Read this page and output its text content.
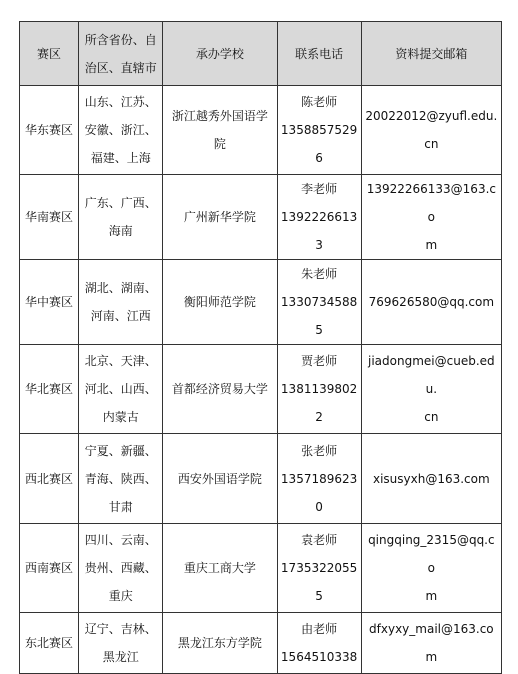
赛区	所含省份、自
治区、直辖市	承办学校	联系电话	资料提交邮箱
华东赛区	山东、江苏、
安徽、浙江、
福建、上海	浙江越秀外国语学院	陈老师
13588575296	20022012@zyufl.edu.cn

华南赛区	广东、广西、
海南	广州新华学院	李老师
13922266133	13922266133@163.co
m

华中赛区	湖北、湖南、
河南、江西	衡阳师范学院	朱老师
13307345885	769626580@qq.com

华北赛区	北京、天津、
河北、山西、
内蒙古	首都经济贸易大学	贾老师
13811398022	jiadongmei@cueb.edu.
cn

西北赛区	宁夏、新疆、
青海、陕西、
甘肃	西安外国语学院	张老师
13571896230	xisusyxh@163.com

西南赛区	四川、云南、
贵州、西藏、
重庆	重庆工商大学	袁老师
17353220555	qingqing_2315@qq.co
m

东北赛区	辽宁、吉林、
黑龙江	黑龙江东方学院	由老师
1564510338	dfxyxy_mail@163.com
